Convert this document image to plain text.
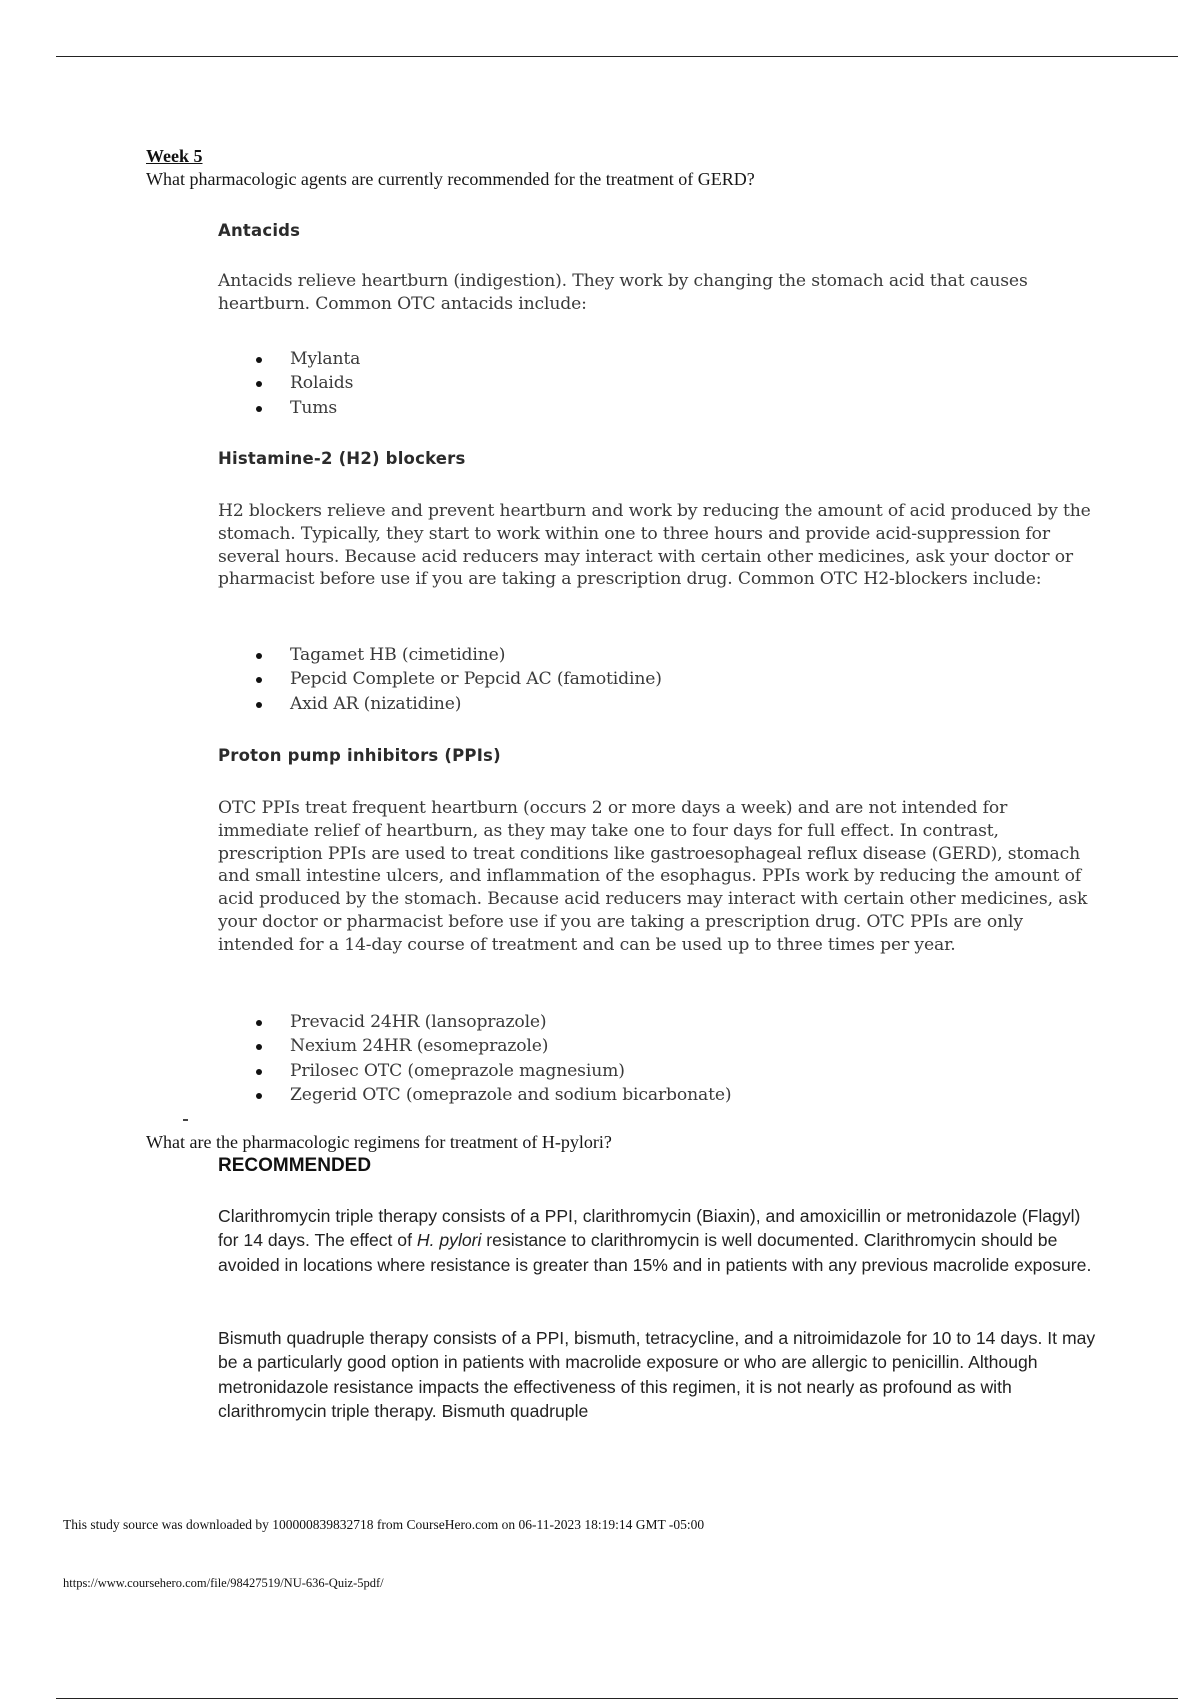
Week 5

What pharmacologic agents are currently recommended for the treatment of GERD?

Antacids

Antacids relieve heartburn (indigestion). They work by changing the stomach acid that causes heartburn. Common OTC antacids include:

Mylanta
Rolaids
Tums
Histamine-2 (H2) blockers

H2 blockers relieve and prevent heartburn and work by reducing the amount of acid produced by the stomach. Typically, they start to work within one to three hours and provide acid-suppression for several hours. Because acid reducers may interact with certain other medicines, ask your doctor or pharmacist before use if you are taking a prescription drug. Common OTC H2-blockers include:

Tagamet HB (cimetidine)
Pepcid Complete or Pepcid AC (famotidine)
Axid AR (nizatidine)
Proton pump inhibitors (PPIs)

OTC PPIs treat frequent heartburn (occurs 2 or more days a week) and are not intended for immediate relief of heartburn, as they may take one to four days for full effect. In contrast, prescription PPIs are used to treat conditions like gastroesophageal reflux disease (GERD), stomach and small intestine ulcers, and inflammation of the esophagus. PPIs work by reducing the amount of acid produced by the stomach. Because acid reducers may interact with certain other medicines, ask your doctor or pharmacist before use if you are taking a prescription drug. OTC PPIs are only intended for a 14-day course of treatment and can be used up to three times per year.

Prevacid 24HR (lansoprazole)
Nexium 24HR (esomeprazole)
Prilosec OTC (omeprazole magnesium)
Zegerid OTC (omeprazole and sodium bicarbonate)

What are the pharmacologic regimens for treatment of H-pylori?

RECOMMENDED

Clarithromycin triple therapy consists of a PPI, clarithromycin (Biaxin), and amoxicillin or metronidazole (Flagyl) for 14 days. The effect of H. pylori resistance to clarithromycin is well documented. Clarithromycin should be avoided in locations where resistance is greater than 15% and in patients with any previous macrolide exposure.

Bismuth quadruple therapy consists of a PPI, bismuth, tetracycline, and a nitroimidazole for 10 to 14 days. It may be a particularly good option in patients with macrolide exposure or who are allergic to penicillin. Although metronidazole resistance impacts the effectiveness of this regimen, it is not nearly as profound as with clarithromycin triple therapy. Bismuth quadruple

This study source was downloaded by 100000839832718 from CourseHero.com on 06-11-2023 18:19:14 GMT -05:00

https://www.coursehero.com/file/98427519/NU-636-Quiz-5pdf/
